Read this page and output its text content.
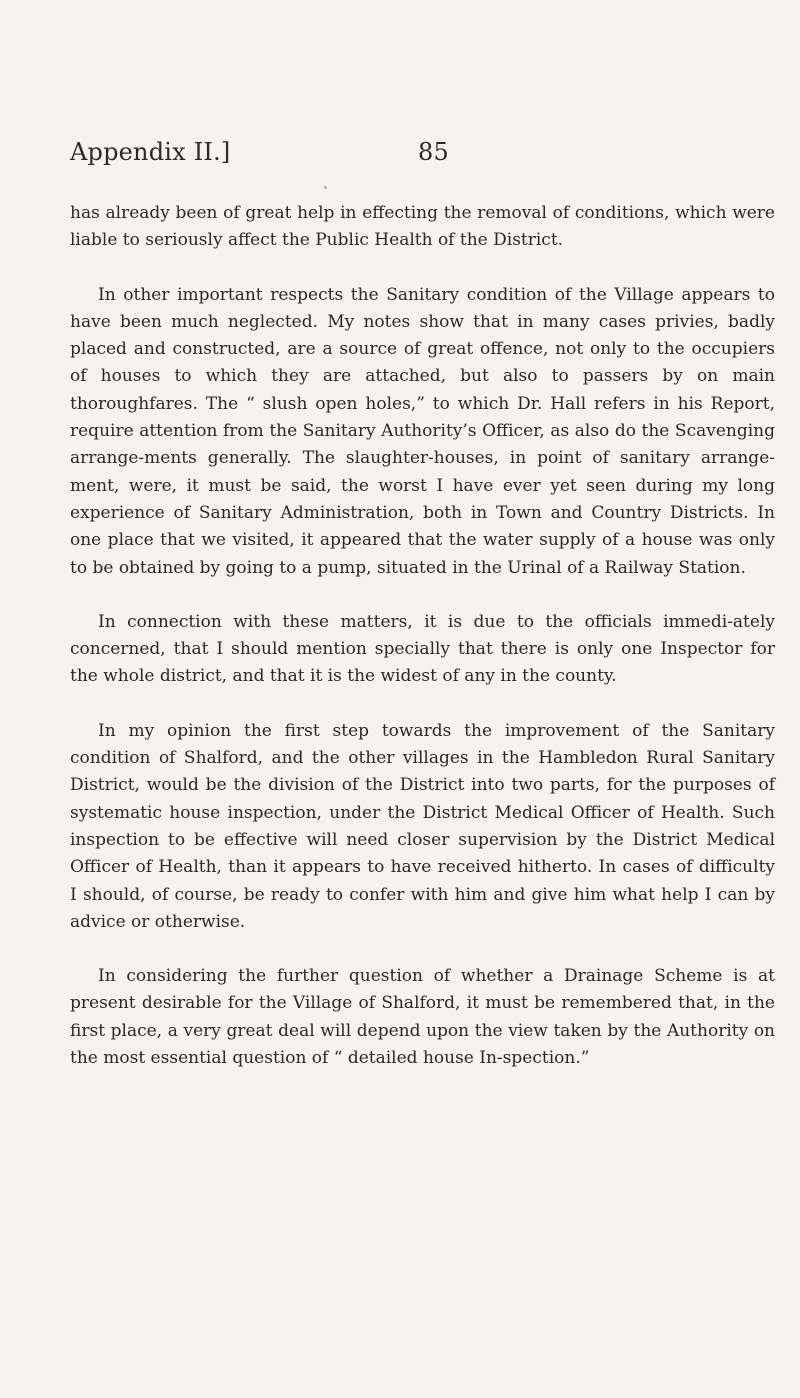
Appendix II.]	85

has already been of great help in effecting the removal of conditions, which were liable to seriously affect the Public Health of the District.

In other important respects the Sanitary condition of the Village appears to have been much neglected. My notes show that in many cases privies, badly placed and constructed, are a source of great offence, not only to the occupiers of houses to which they are attached, but also to passers by on main thoroughfares. The “ slush open holes,” to which Dr. Hall refers in his Report, require attention from the Sanitary Authority’s Officer, as also do the Scavenging arrange-ments generally. The slaughter-houses, in point of sanitary arrange-ment, were, it must be said, the worst I have ever yet seen during my long experience of Sanitary Administration, both in Town and Country Districts. In one place that we visited, it appeared that the water supply of a house was only to be obtained by going to a pump, situated in the Urinal of a Railway Station.

In connection with these matters, it is due to the officials immedi-ately concerned, that I should mention specially that there is only one Inspector for the whole district, and that it is the widest of any in the county.

In my opinion the first step towards the improvement of the Sanitary condition of Shalford, and the other villages in the Hambledon Rural Sanitary District, would be the division of the District into two parts, for the purposes of systematic house inspection, under the District Medical Officer of Health. Such inspection to be effective will need closer supervision by the District Medical Officer of Health, than it appears to have received hitherto. In cases of difficulty I should, of course, be ready to confer with him and give him what help I can by advice or otherwise.

In considering the further question of whether a Drainage Scheme is at present desirable for the Village of Shalford, it must be remembered that, in the first place, a very great deal will depend upon the view taken by the Authority on the most essential question of “ detailed house In-spection.”
